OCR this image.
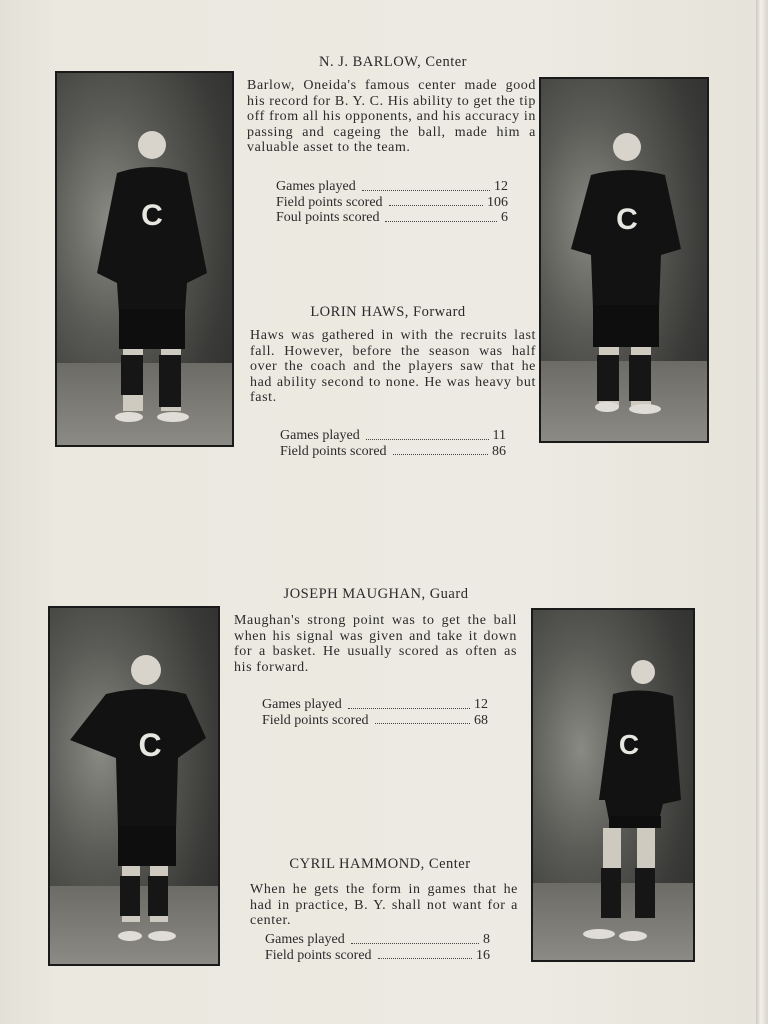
C	C
C	C
N. J. BARLOW, Center
Barlow, Oneida's famous center made good his record for B. Y. C. His ability to get the tip off from all his opponents, and his accuracy in passing and cageing the ball, made him a valuable asset to the team.
Games played	12
Field points scored	106
Foul points scored	6
LORIN HAWS, Forward
Haws was gathered in with the recruits last fall. However, before the season was half over the coach and the players saw that he had ability second to none. He was heavy but fast.
Games played	11
Field points scored	86
JOSEPH MAUGHAN, Guard
Maughan's strong point was to get the ball when his signal was given and take it down for a basket. He usually scored as often as his forward.
Games played	12
Field points scored	68
CYRIL HAMMOND, Center
When he gets the form in games that he had in practice, B. Y. shall not want for a center.
Games played	8
Field points scored	16
